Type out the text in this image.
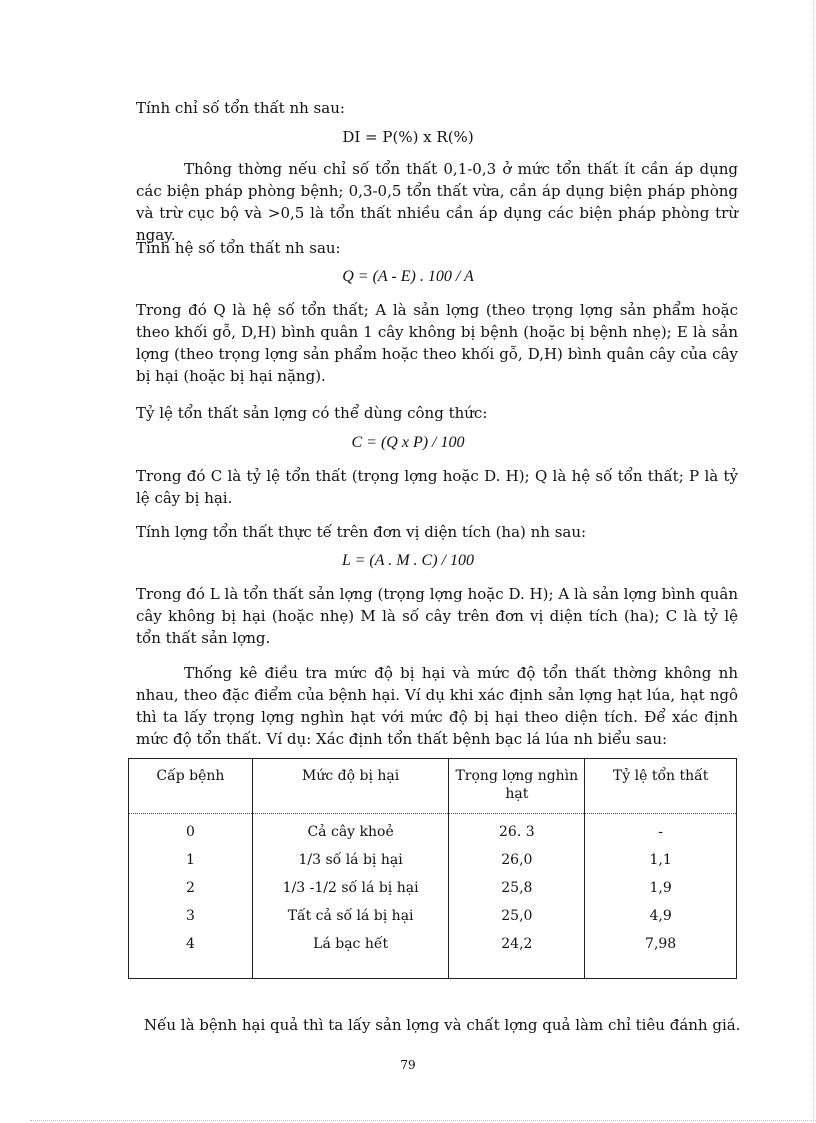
Tính chỉ số tổn thất nh sau:

DI = P(%) x R(%)

Thông thờng nếu chỉ số tổn thất 0,1-0,3 ở mức tổn thất ít cần áp dụng các biện pháp phòng bệnh; 0,3-0,5 tổn thất vừa, cần áp dụng biện pháp phòng và trừ cục bộ và >0,5 là tổn thất nhiều cần áp dụng các biện pháp phòng trừ ngay.

Tính hệ số tổn thất nh sau:

Q = (A - E) . 100 / A

Trong đó Q là hệ số tổn thất; A là sản lợng (theo trọng lợng sản phẩm hoặc theo khối gỗ, D,H) bình quân 1 cây không bị bệnh (hoặc bị bệnh nhẹ); E là sản lợng (theo trọng lợng sản phẩm hoặc theo khối gỗ, D,H) bình quân cây của cây bị hại (hoặc bị hại nặng).

Tỷ lệ tổn thất sản lợng có thể dùng công thức:

C = (Q x P) / 100

Trong đó C là tỷ lệ tổn thất (trọng lợng hoặc D. H); Q là hệ số tổn thất; P là tỷ lệ cây bị hại.

Tính lợng tổn thất thực tế trên đơn vị diện tích (ha) nh sau:

L = (A . M . C) / 100

Trong đó L là tổn thất sản lợng (trọng lợng hoặc D. H); A là sản lợng bình quân cây không bị hại (hoặc nhẹ) M là số cây trên đơn vị diện tích (ha); C là tỷ lệ tổn thất sản lợng.

Thống kê điều tra mức độ bị hại và mức độ tổn thất thờng không nh nhau, theo đặc điểm của bệnh hại. Ví dụ khi xác định sản lợng hạt lúa, hạt ngô thì ta lấy trọng lợng nghìn hạt với mức độ bị hại theo diện tích. Để xác định mức độ tổn thất. Ví dụ: Xác định tổn thất bệnh bạc lá lúa nh biểu sau:

Cấp bệnh	Mức độ bị hại	Trọng lợng nghìn hạt	Tỷ lệ tổn thất
0	Cả cây khoẻ	26. 3	-
1	1/3 số lá bị hại	26,0	1,1
2	1/3 -1/2 số lá bị hại	25,8	1,9
3	Tất cả số lá bị hại	25,0	4,9
4	Lá bạc hết	24,2	7,98

Nếu là bệnh hại quả thì ta lấy sản lợng và chất lợng quả làm chỉ tiêu đánh giá.
79
